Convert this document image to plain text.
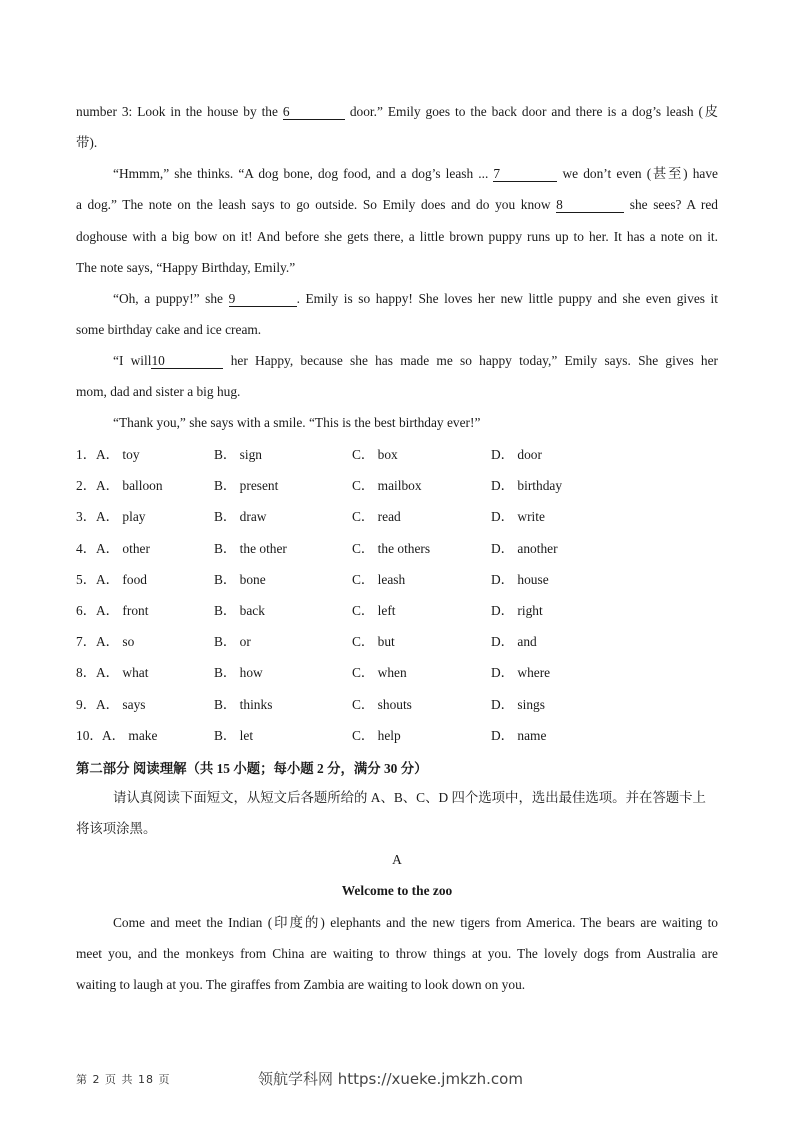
number 3: Look in the house by the 6	door.” Emily goes to the back door and there is a dog’s leash (皮
带).
“Hmmm,” she thinks. “A dog bone, dog food, and a dog’s leash ... 7	we don’t even (甚至) have
a dog.” The note on the leash says to go outside. So Emily does and do you know 8	she sees? A red
doghouse with a big bow on it! And before she gets there, a little brown puppy runs up to her. It has a note on it.
The note says, “Happy Birthday, Emily.”
“Oh, a puppy!” she 9	. Emily is so happy! She loves her new little puppy and she even gives it
some birthday cake and ice cream.
“I will10	her Happy, because she has made me so happy today,” Emily says. She gives her
mom, dad and sister a big hug.
“Thank you,” she says with a smile. “This is the best birthday ever!”
1． A． toy	B． sign	C． box	D． door
2． A． balloon	B． present	C． mailbox	D． birthday
3． A． play	B． draw	C． read	D． write
4． A． other	B． the other	C． the others	D． another
5． A． food	B． bone	C． leash	D． house
6． A． front	B． back	C． left	D． right
7． A． so	B． or	C． but	D． and
8． A． what	B． how	C． when	D． where
9． A． says	B． thinks	C． shouts	D． sings
10． A． make	B． let	C． help	D． name
第二部分 阅读理解（共 15 小题；每小题 2 分，满分 30 分）
请认真阅读下面短文，从短文后各题所给的 A、B、C、D 四个选项中，选出最佳选项。并在答题卡上
将该项涂黑。
A
Welcome to the zoo
Come and meet the Indian (印度的) elephants and the new tigers from America. The bears are waiting to
meet you, and the monkeys from China are waiting to throw things at you. The lovely dogs from Australia are
waiting to laugh at you. The giraffes from Zambia are waiting to look down on you.
第 2 页 共 18 页	领航学科网 https://xueke.jmkzh.com
